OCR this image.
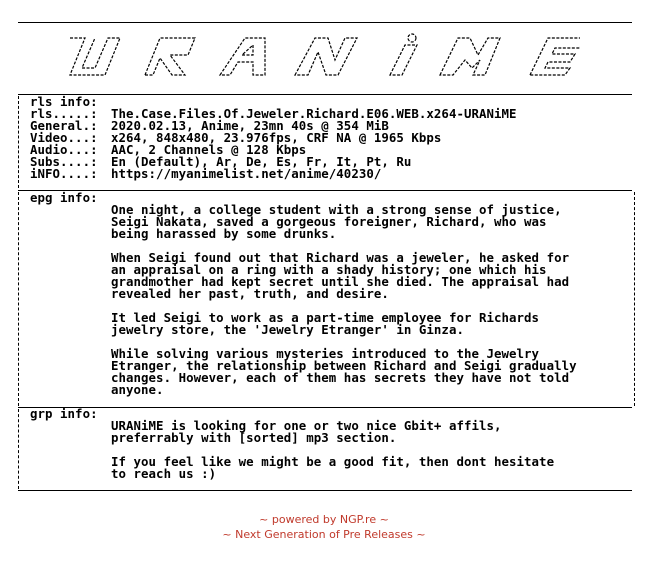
rls info:
rls.....: The.Case.Files.Of.Jeweler.Richard.E06.WEB.x264-URANiME
General.: 2020.02.13, Anime, 23mn 40s @ 354 MiB
Video...: x264, 848x480, 23.976fps, CRF NA @ 1965 Kbps
Audio...: AAC, 2 Channels @ 128 Kbps
Subs....: En (Default), Ar, De, Es, Fr, It, Pt, Ru
iNFO....: https://myanimelist.net/anime/40230/
epg info:
One night, a college student with a strong sense of justice,
Seigi Nakata, saved a gorgeous foreigner, Richard, who was
being harassed by some drunks.
When Seigi found out that Richard was a jeweler, he asked for
an appraisal on a ring with a shady history; one which his
grandmother had kept secret until she died. The appraisal had
revealed her past, truth, and desire.
It led Seigi to work as a part-time employee for Richards
jewelry store, the 'Jewelry Etranger' in Ginza.
While solving various mysteries introduced to the Jewelry
Etranger, the relationship between Richard and Seigi gradually
changes. However, each of them has secrets they have not told
anyone.
grp info:
URANiME is looking for one or two nice Gbit+ affils,
preferrably with [sorted] mp3 section.
If you feel like we might be a good fit, then dont hesitate
to reach us :)
~ powered by NGP.re ~
~ Next Generation of Pre Releases ~
